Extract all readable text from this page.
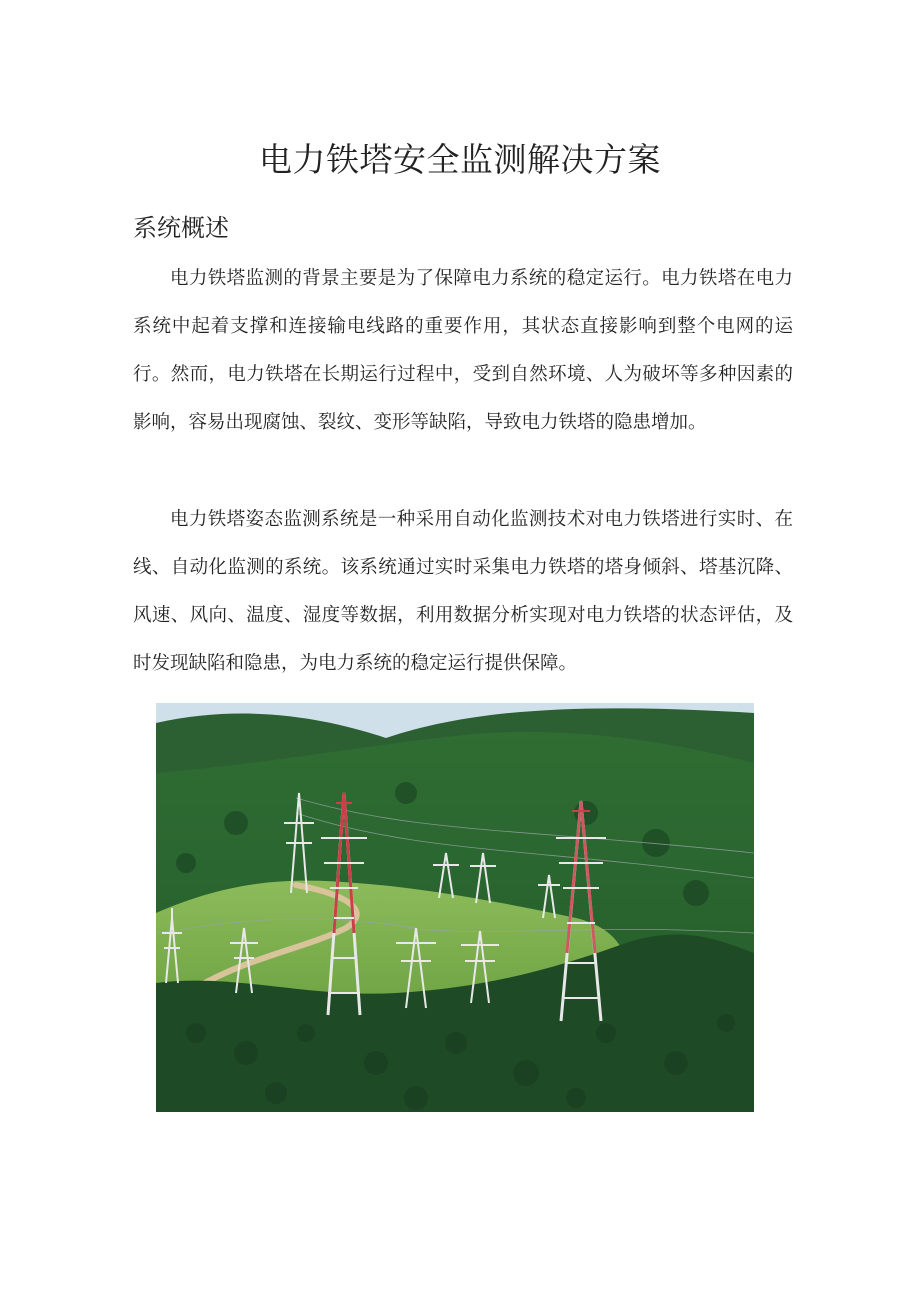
电力铁塔安全监测解决方案
系统概述

电力铁塔监测的背景主要是为了保障电力系统的稳定运行。电力铁塔在电力系统中起着支撑和连接输电线路的重要作用，其状态直接影响到整个电网的运行。然而，电力铁塔在长期运行过程中，受到自然环境、人为破坏等多种因素的影响，容易出现腐蚀、裂纹、变形等缺陷，导致电力铁塔的隐患增加。

电力铁塔姿态监测系统是一种采用自动化监测技术对电力铁塔进行实时、在线、自动化监测的系统。该系统通过实时采集电力铁塔的塔身倾斜、塔基沉降、风速、风向、温度、湿度等数据，利用数据分析实现对电力铁塔的状态评估，及时发现缺陷和隐患，为电力系统的稳定运行提供保障。
